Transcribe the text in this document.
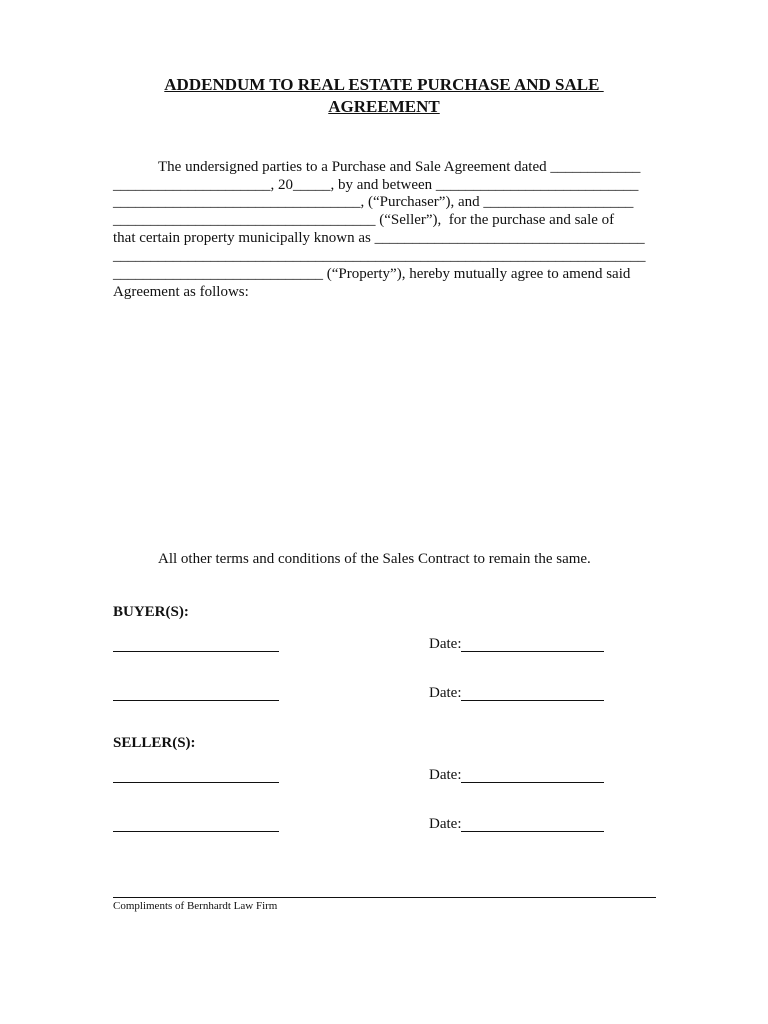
ADDENDUM TO REAL ESTATE PURCHASE AND SALE
AGREEMENT
The undersigned parties to a Purchase and Sale Agreement dated ____________
_____________________, 20_____, by and between ___________________________
_________________________________, (“Purchaser”), and ____________________
___________________________________ (“Seller”),  for the purchase and sale of
that certain property municipally known as ____________________________________
_______________________________________________________________________
____________________________ (“Property”), hereby mutually agree to amend said
Agreement as follows:
All other terms and conditions of the Sales Contract to remain the same.
BUYER(S):
Date:
Date:
SELLER(S):
Date:
Date:
Compliments of Bernhardt Law Firm
